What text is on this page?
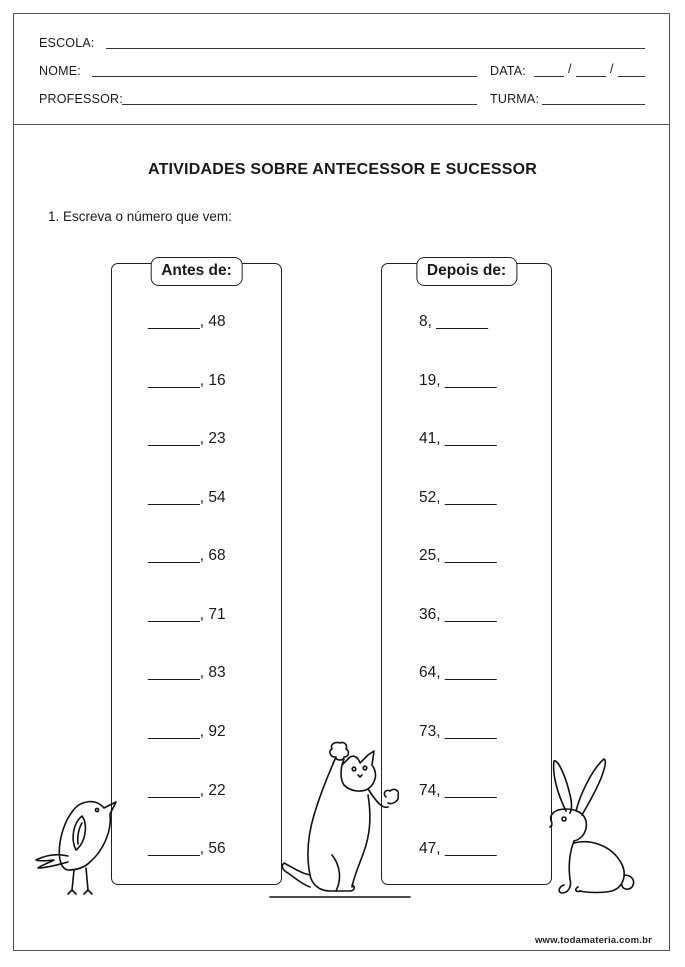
ESCOLA:
NOME:	DATA:	/	/
PROFESSOR:	TURMA:
ATIVIDADES SOBRE ANTECESSOR E SUCESSOR
1. Escreva o número que vem:
Antes de:
______, 48
______, 16
______, 23
______, 54
______, 68
______, 71
______, 83
______, 92
______, 22
______, 56
Depois de:
8, ______
19, ______
41, ______
52, ______
25, ______
36, ______
64, ______
73, ______
74, ______
47, ______
www.todamateria.com.br
